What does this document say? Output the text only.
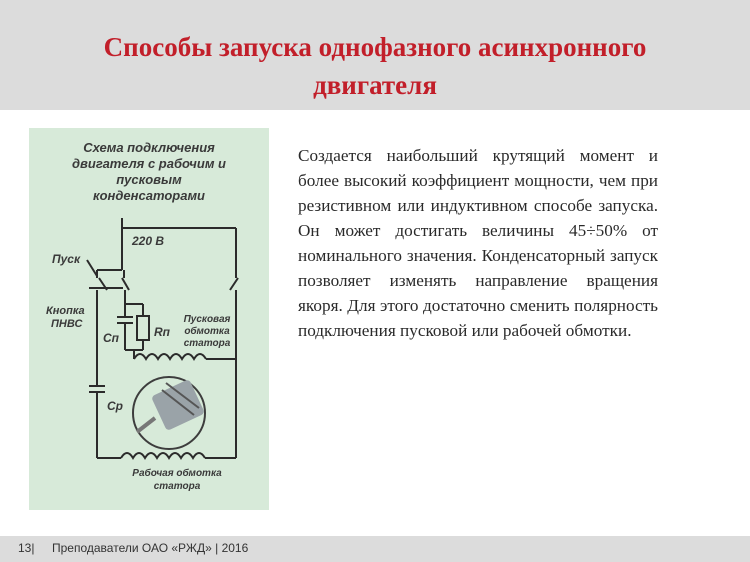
Способы запуска однофазного асинхронного
двигателя
Схема подключения
двигателя с рабочим и
пусковым
конденсаторами
220 В
Пуск
Кнопка
ПНВС
Сп	Rп
Ср
Пусковая
обмотка
статора
Рабочая обмотка
статора
Создается наибольший крутящий момент и более высокий коэффициент мощности, чем при резистивном или индуктивном способе запуска. Он может достигать величины 45÷50% от номинального значения. Конденсаторный запуск позволяет изменять направление вращения якоря. Для этого достаточно сменить полярность подключения пусковой или рабочей обмотки.
13| Преподаватели ОАО «РЖД» | 2016
